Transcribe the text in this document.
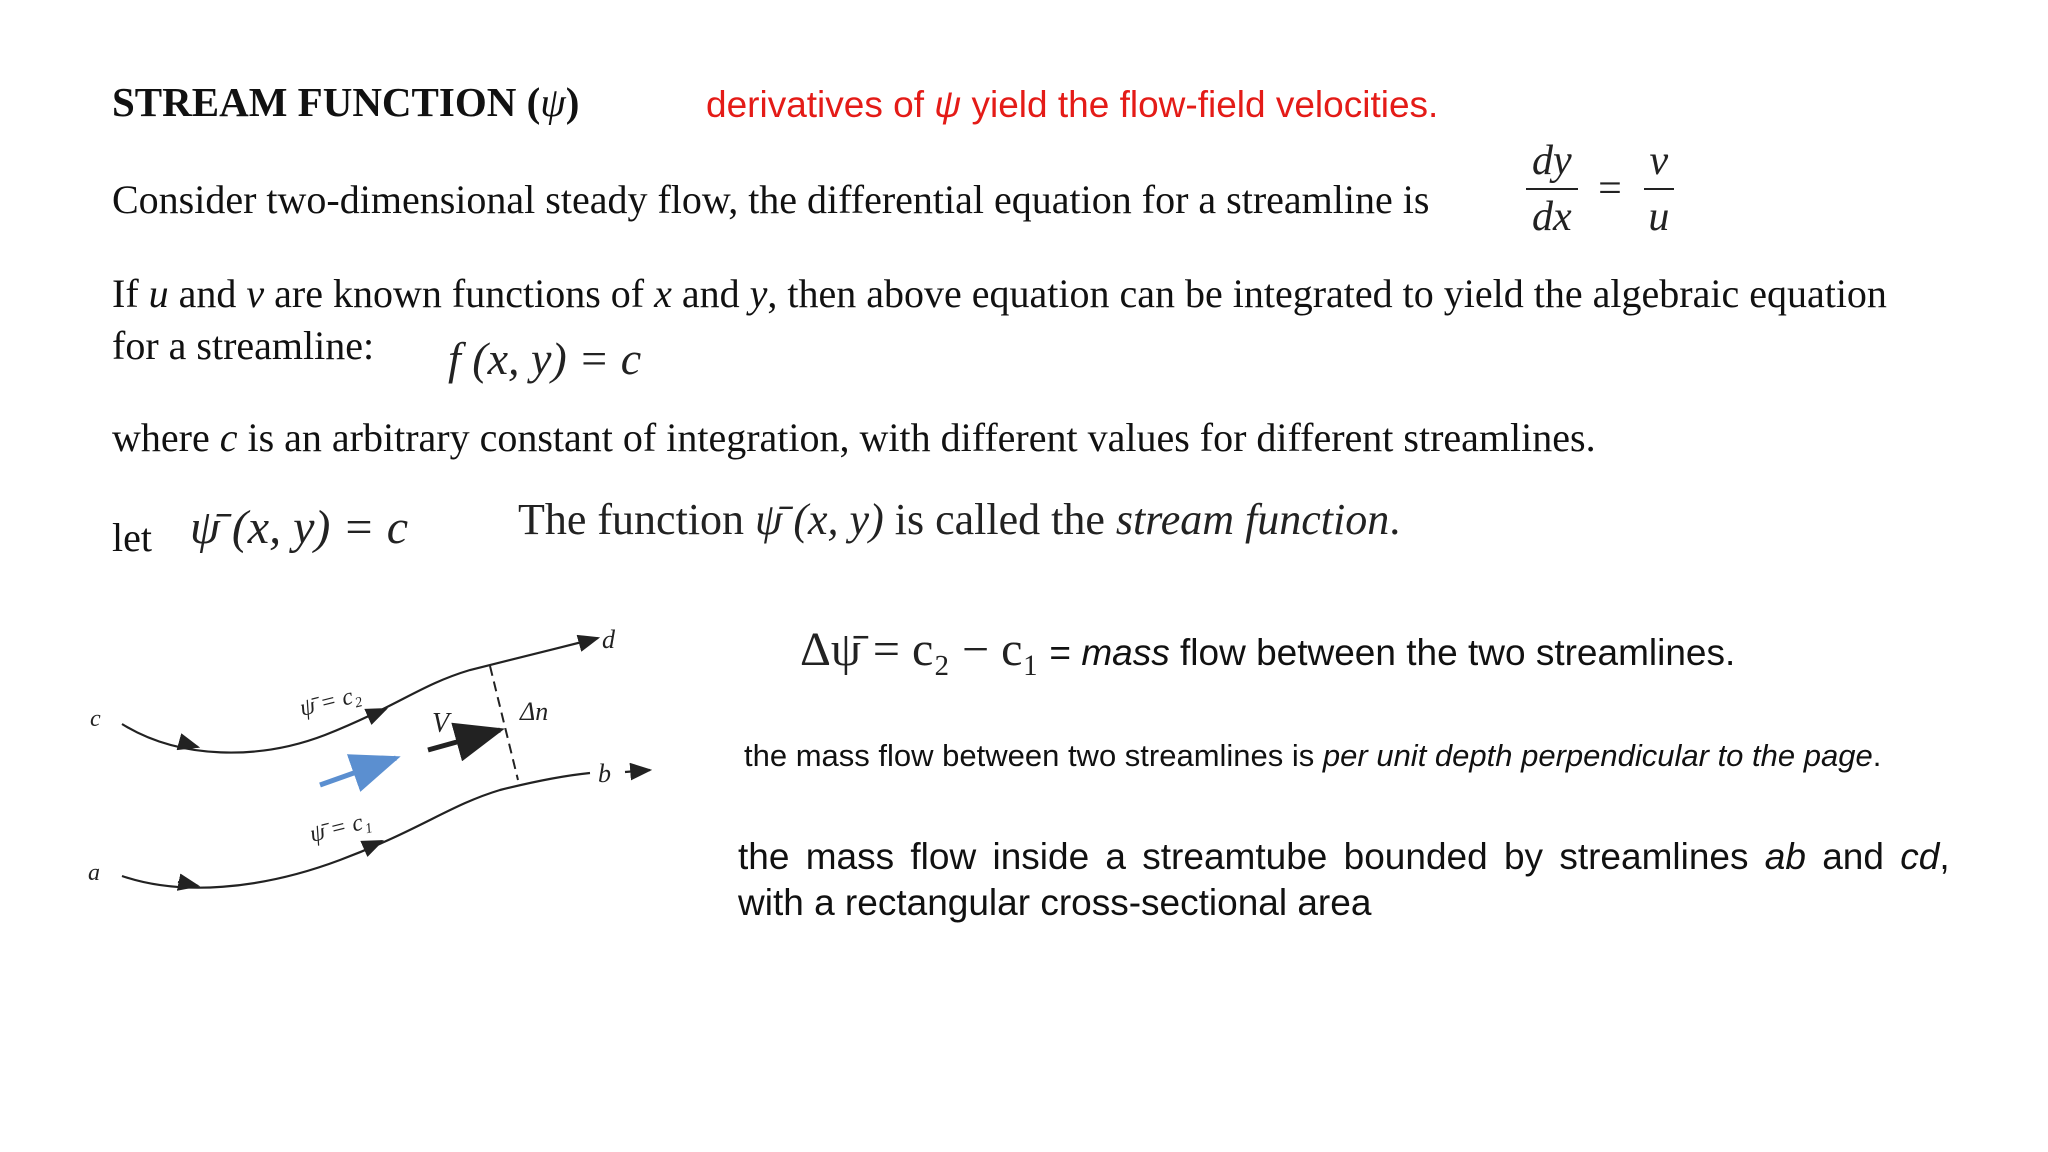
STREAM FUNCTION (ψ)	derivatives of ψ yield the flow-field velocities.
Consider two-dimensional steady flow, the differential equation for a streamline is $\frac{dy}{dx} = \frac{v}{u}$
If u and v are known functions of x and y, then above equation can be integrated to yield the algebraic equation
for a streamline:	f (x, y) = c
where c is an arbitrary constant of integration, with different values for different streamlines.
let ψ̄ (x, y) = c The function ψ̄ (x, y) is called the stream function.
c
d
a
b
V	Δn
ψ̄ = c₂
ψ̄ = c₁
Δψ̄ = c₂ − c₁ = mass flow between the two streamlines.
the mass flow between two streamlines is per unit depth perpendicular to the page.
the mass flow inside a streamtube bounded by streamlines ab and cd,
with a rectangular cross-sectional area
